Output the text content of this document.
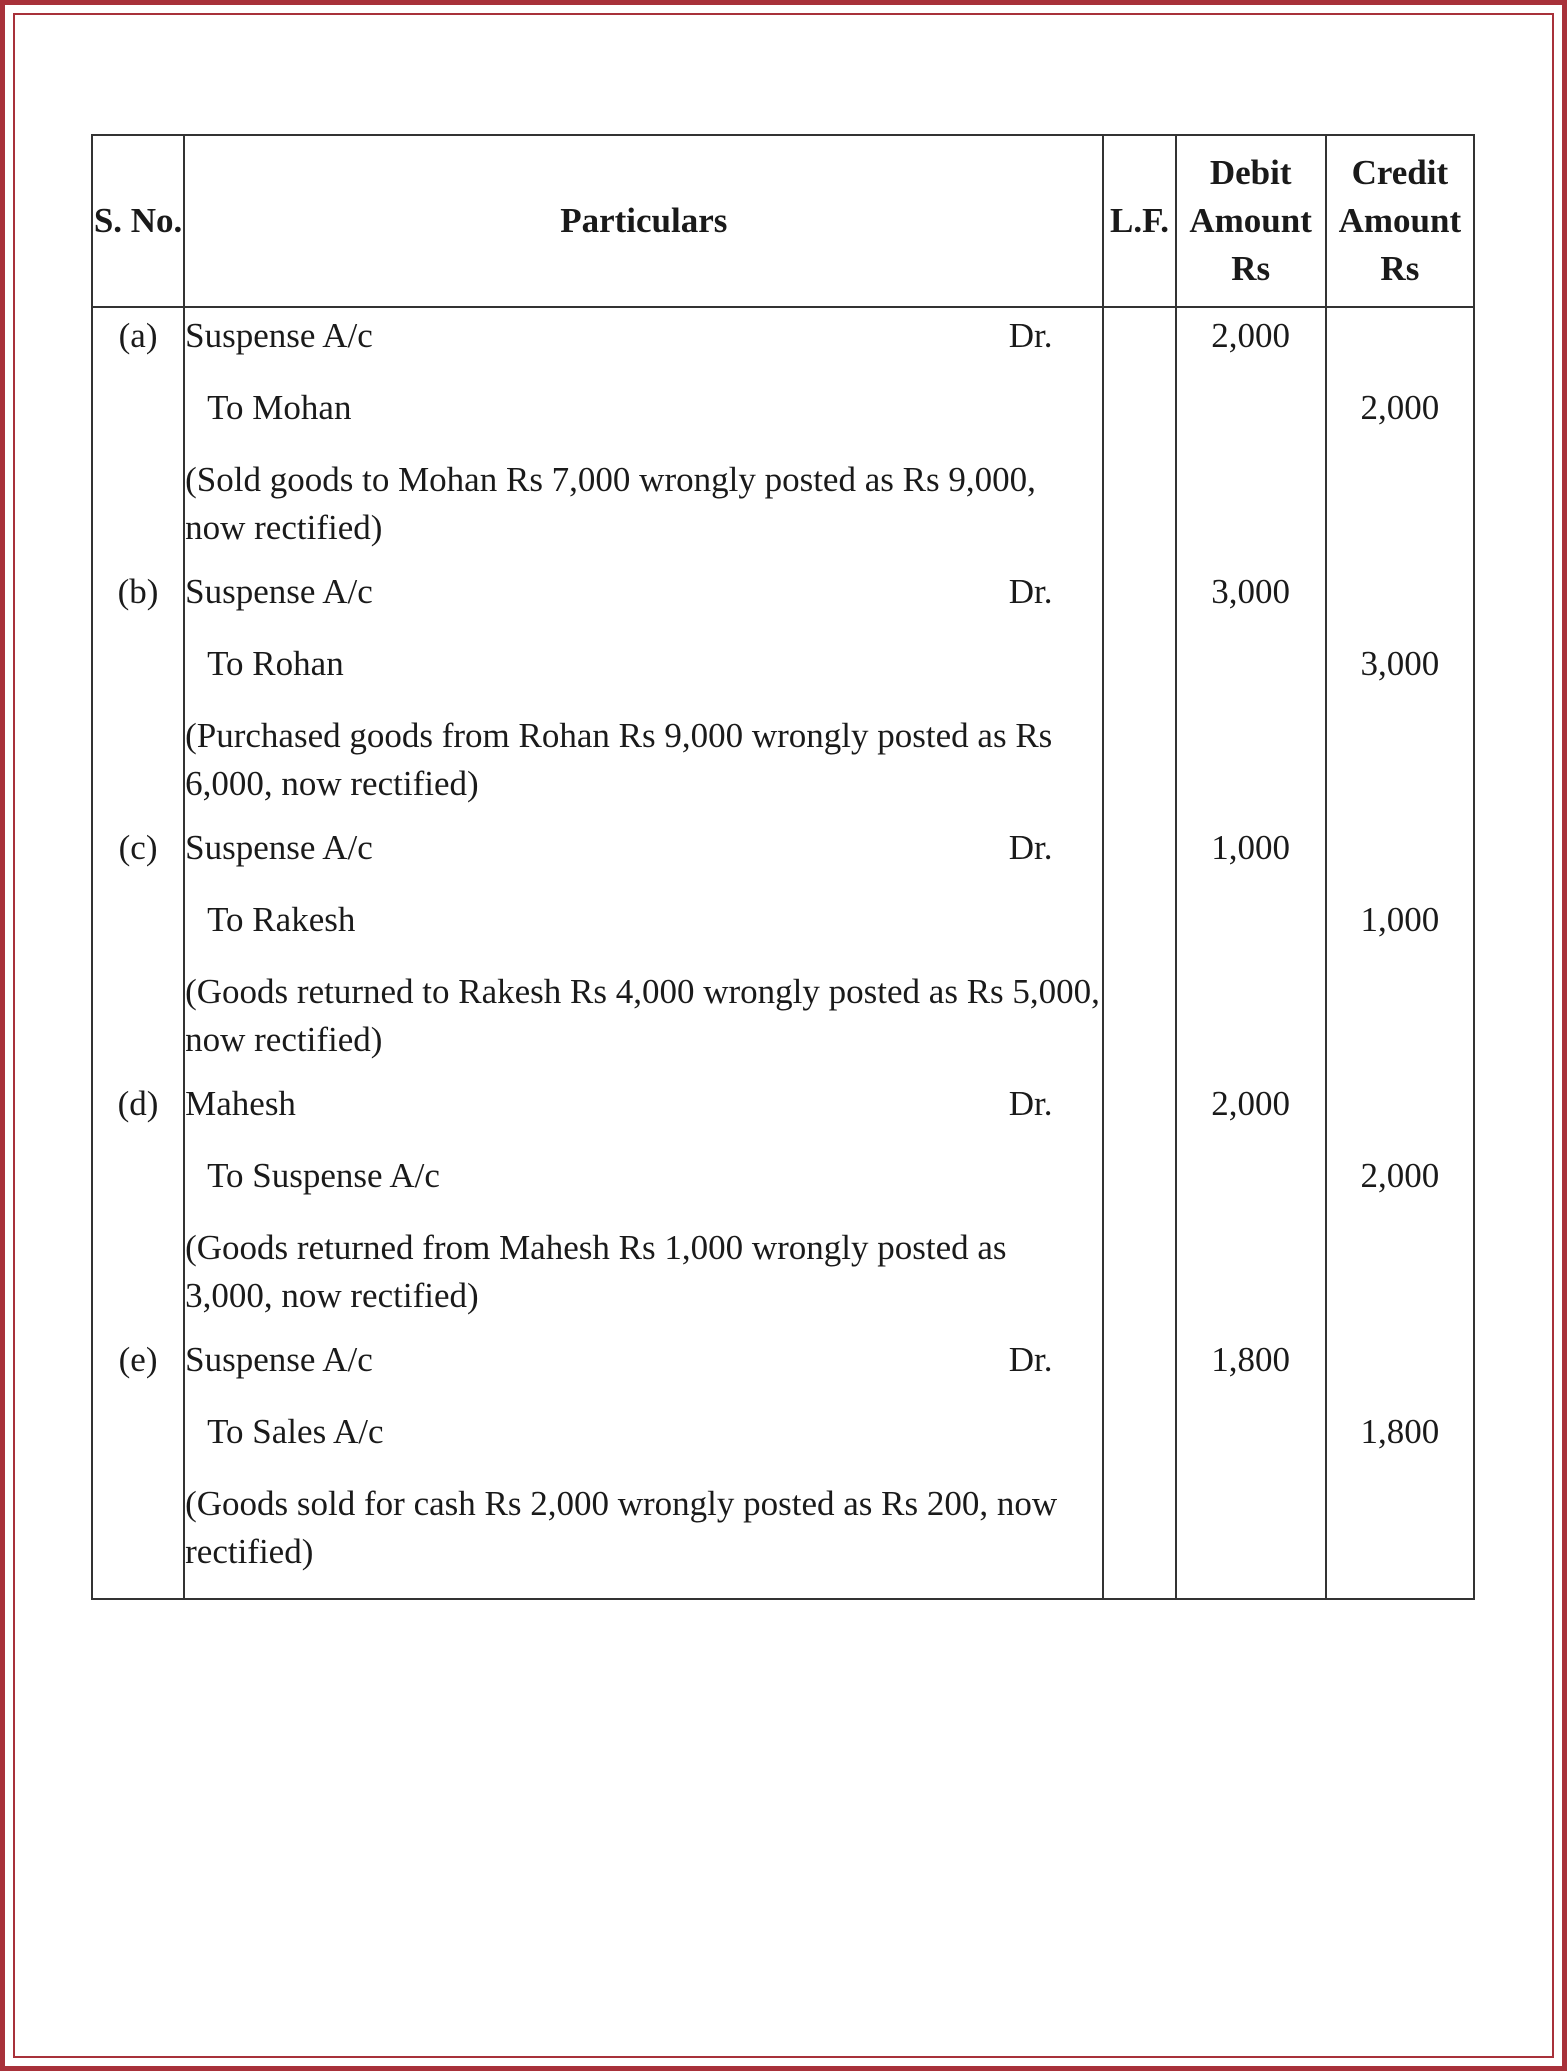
S. No.	Particulars	L.F.	Debit Amount Rs	Credit Amount Rs
(a)	Suspense A/c Dr.		2,000	

	To Mohan			2,000

	(Sold goods to Mohan Rs 7,000 wrongly posted as Rs 9,000, now rectified)			

(b)	Suspense A/c Dr.		3,000	

	To Rohan			3,000

	(Purchased goods from Rohan Rs 9,000 wrongly posted as Rs 6,000, now rectified)			

(c)	Suspense A/c Dr.		1,000	

	To Rakesh			1,000

	(Goods returned to Rakesh Rs 4,000 wrongly posted as Rs 5,000, now rectified)			

(d)	Mahesh Dr.		2,000	

	To Suspense A/c			2,000

	(Goods returned from Mahesh Rs 1,000 wrongly posted as 3,000, now rectified)			

(e)	Suspense A/c Dr.		1,800	

	To Sales A/c			1,800

	(Goods sold for cash Rs 2,000 wrongly posted as Rs 200, now rectified)			
